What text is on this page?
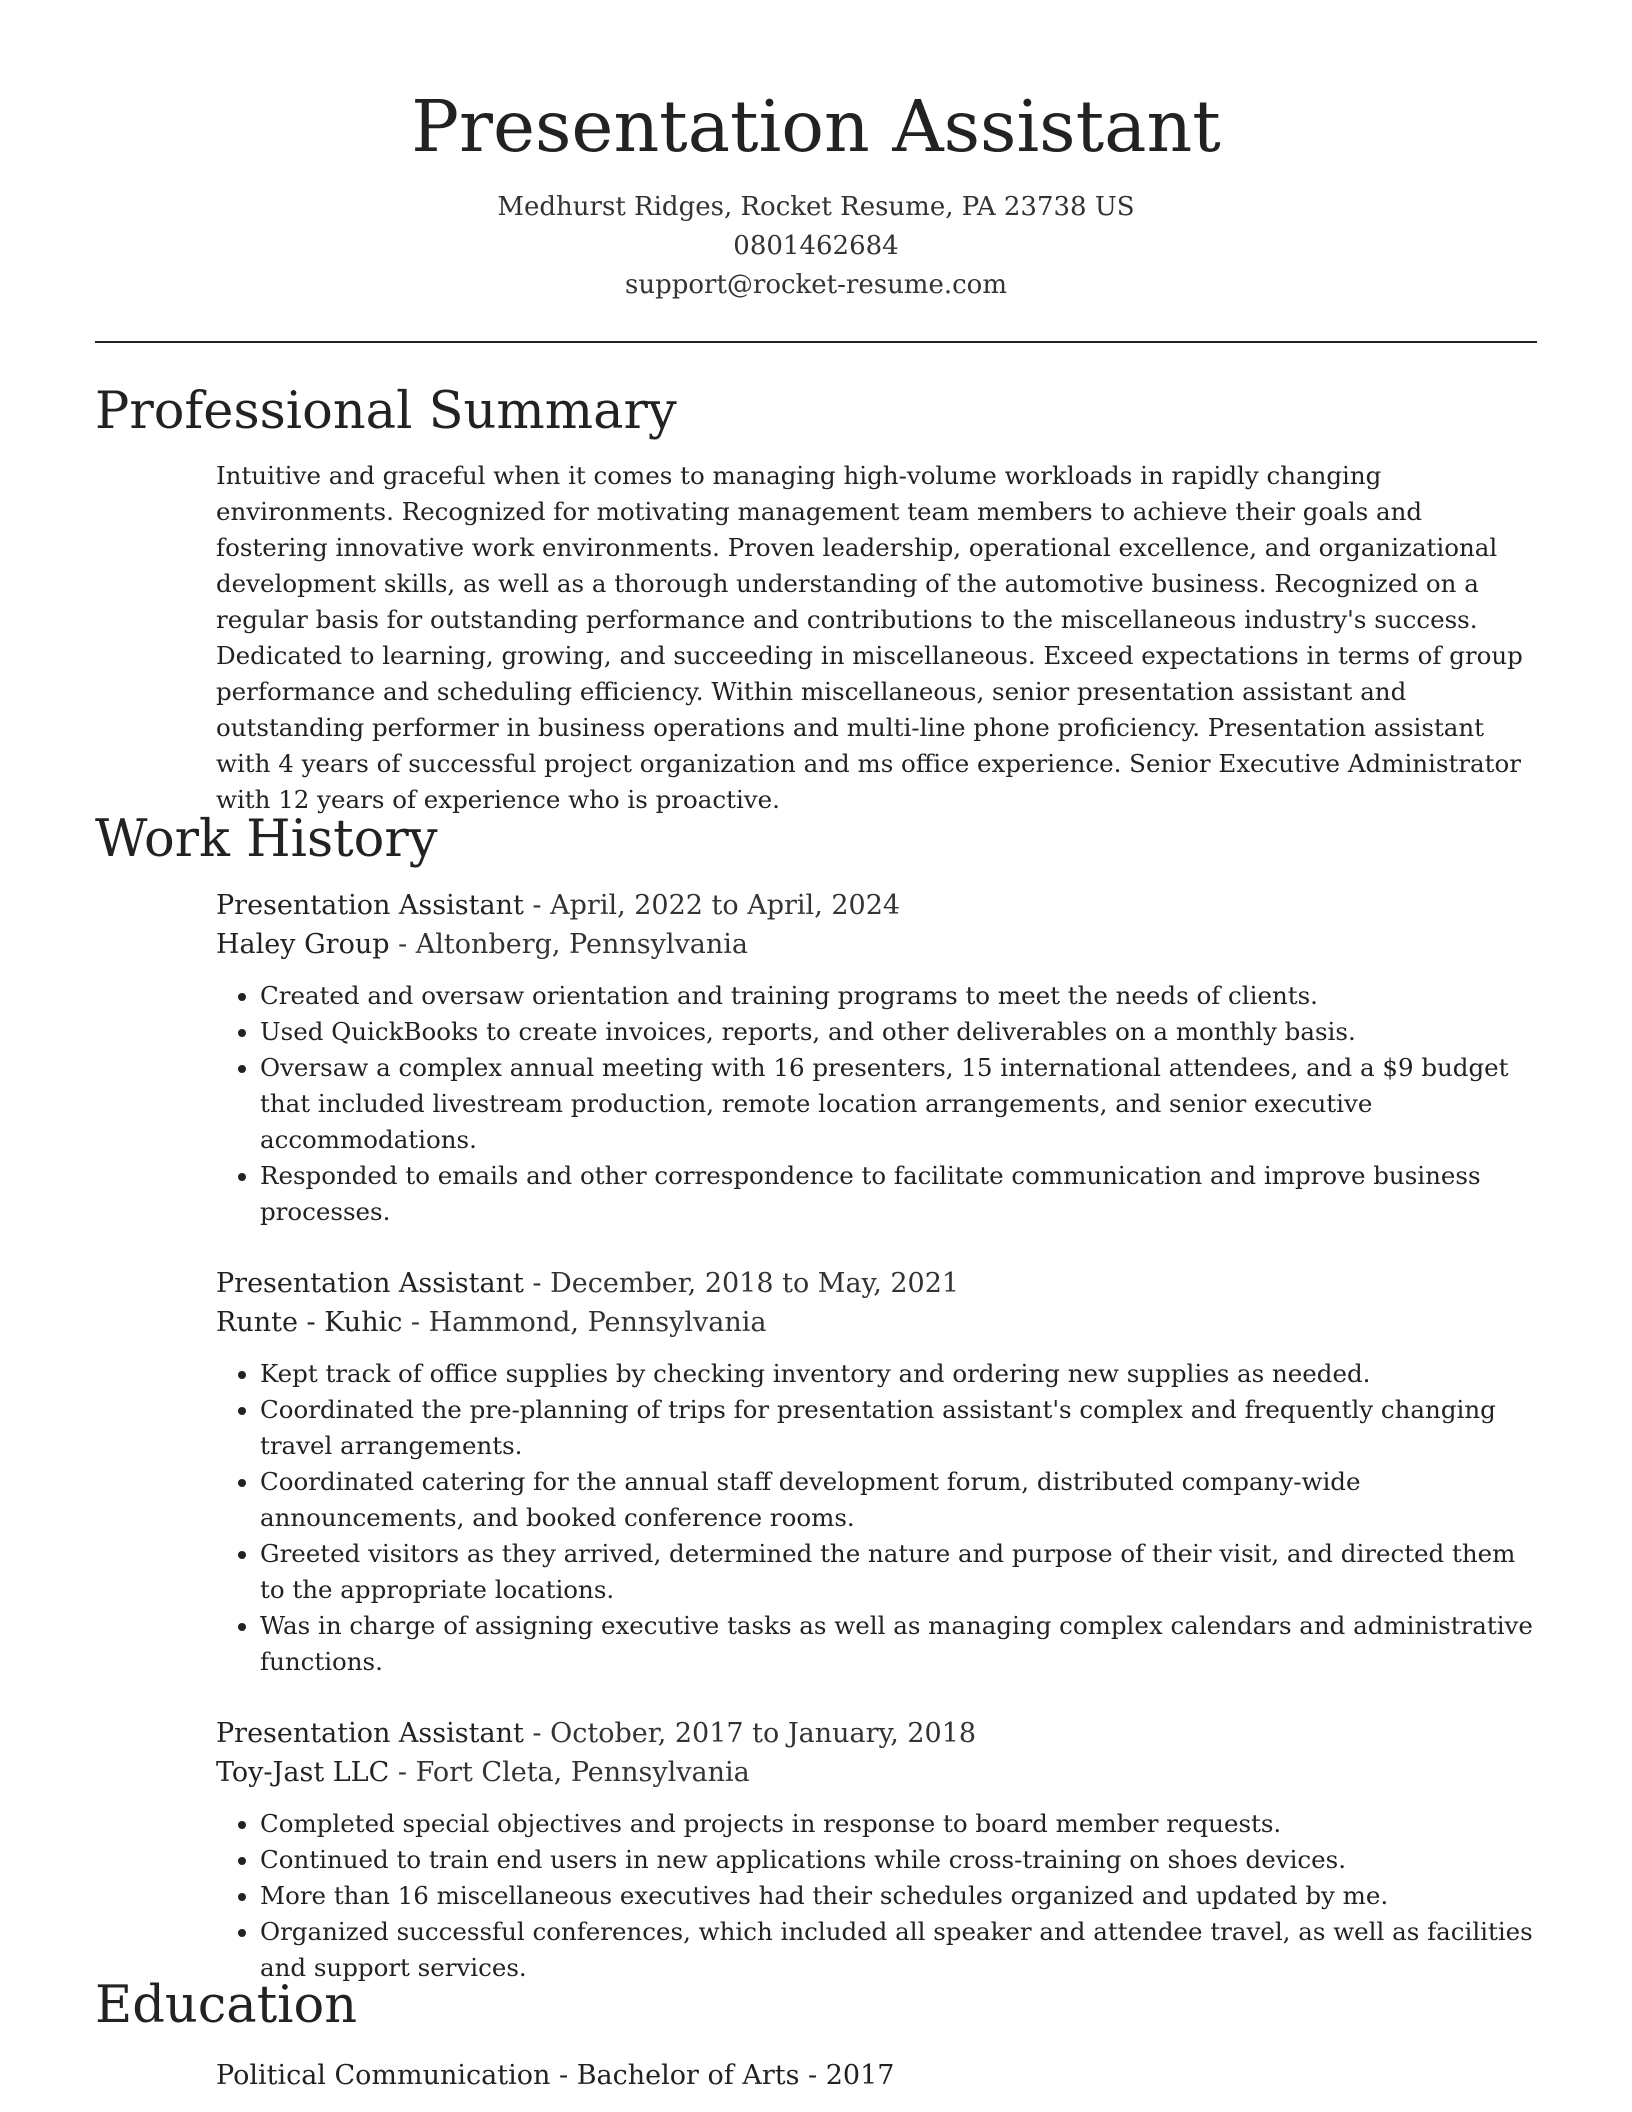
Presentation Assistant
Medhurst Ridges, Rocket Resume, PA 23738 US
0801462684
support@rocket-resume.com
Professional Summary
Intuitive and graceful when it comes to managing high-volume workloads in rapidly changing environments. Recognized for motivating management team members to achieve their goals and fostering innovative work environments. Proven leadership, operational excellence, and organizational development skills, as well as a thorough understanding of the automotive business. Recognized on a regular basis for outstanding performance and contributions to the miscellaneous industry's success. Dedicated to learning, growing, and succeeding in miscellaneous. Exceed expectations in terms of group performance and scheduling efficiency. Within miscellaneous, senior presentation assistant and outstanding performer in business operations and multi-line phone proficiency. Presentation assistant with 4 years of successful project organization and ms office experience. Senior Executive Administrator with 12 years of experience who is proactive.
Work History
Presentation Assistant - April, 2022 to April, 2024
Haley Group - Altonberg, Pennsylvania
• Created and oversaw orientation and training programs to meet the needs of clients.
• Used QuickBooks to create invoices, reports, and other deliverables on a monthly basis.
• Oversaw a complex annual meeting with 16 presenters, 15 international attendees, and a $9 budget that included livestream production, remote location arrangements, and senior executive accommodations.
• Responded to emails and other correspondence to facilitate communication and improve business processes.
Presentation Assistant - December, 2018 to May, 2021
Runte - Kuhic - Hammond, Pennsylvania
• Kept track of office supplies by checking inventory and ordering new supplies as needed.
• Coordinated the pre-planning of trips for presentation assistant's complex and frequently changing travel arrangements.
• Coordinated catering for the annual staff development forum, distributed company-wide announcements, and booked conference rooms.
• Greeted visitors as they arrived, determined the nature and purpose of their visit, and directed them to the appropriate locations.
• Was in charge of assigning executive tasks as well as managing complex calendars and administrative functions.
Presentation Assistant - October, 2017 to January, 2018
Toy-Jast LLC - Fort Cleta, Pennsylvania
• Completed special objectives and projects in response to board member requests.
• Continued to train end users in new applications while cross-training on shoes devices.
• More than 16 miscellaneous executives had their schedules organized and updated by me.
• Organized successful conferences, which included all speaker and attendee travel, as well as facilities and support services.
Education
Political Communication - Bachelor of Arts - 2017
